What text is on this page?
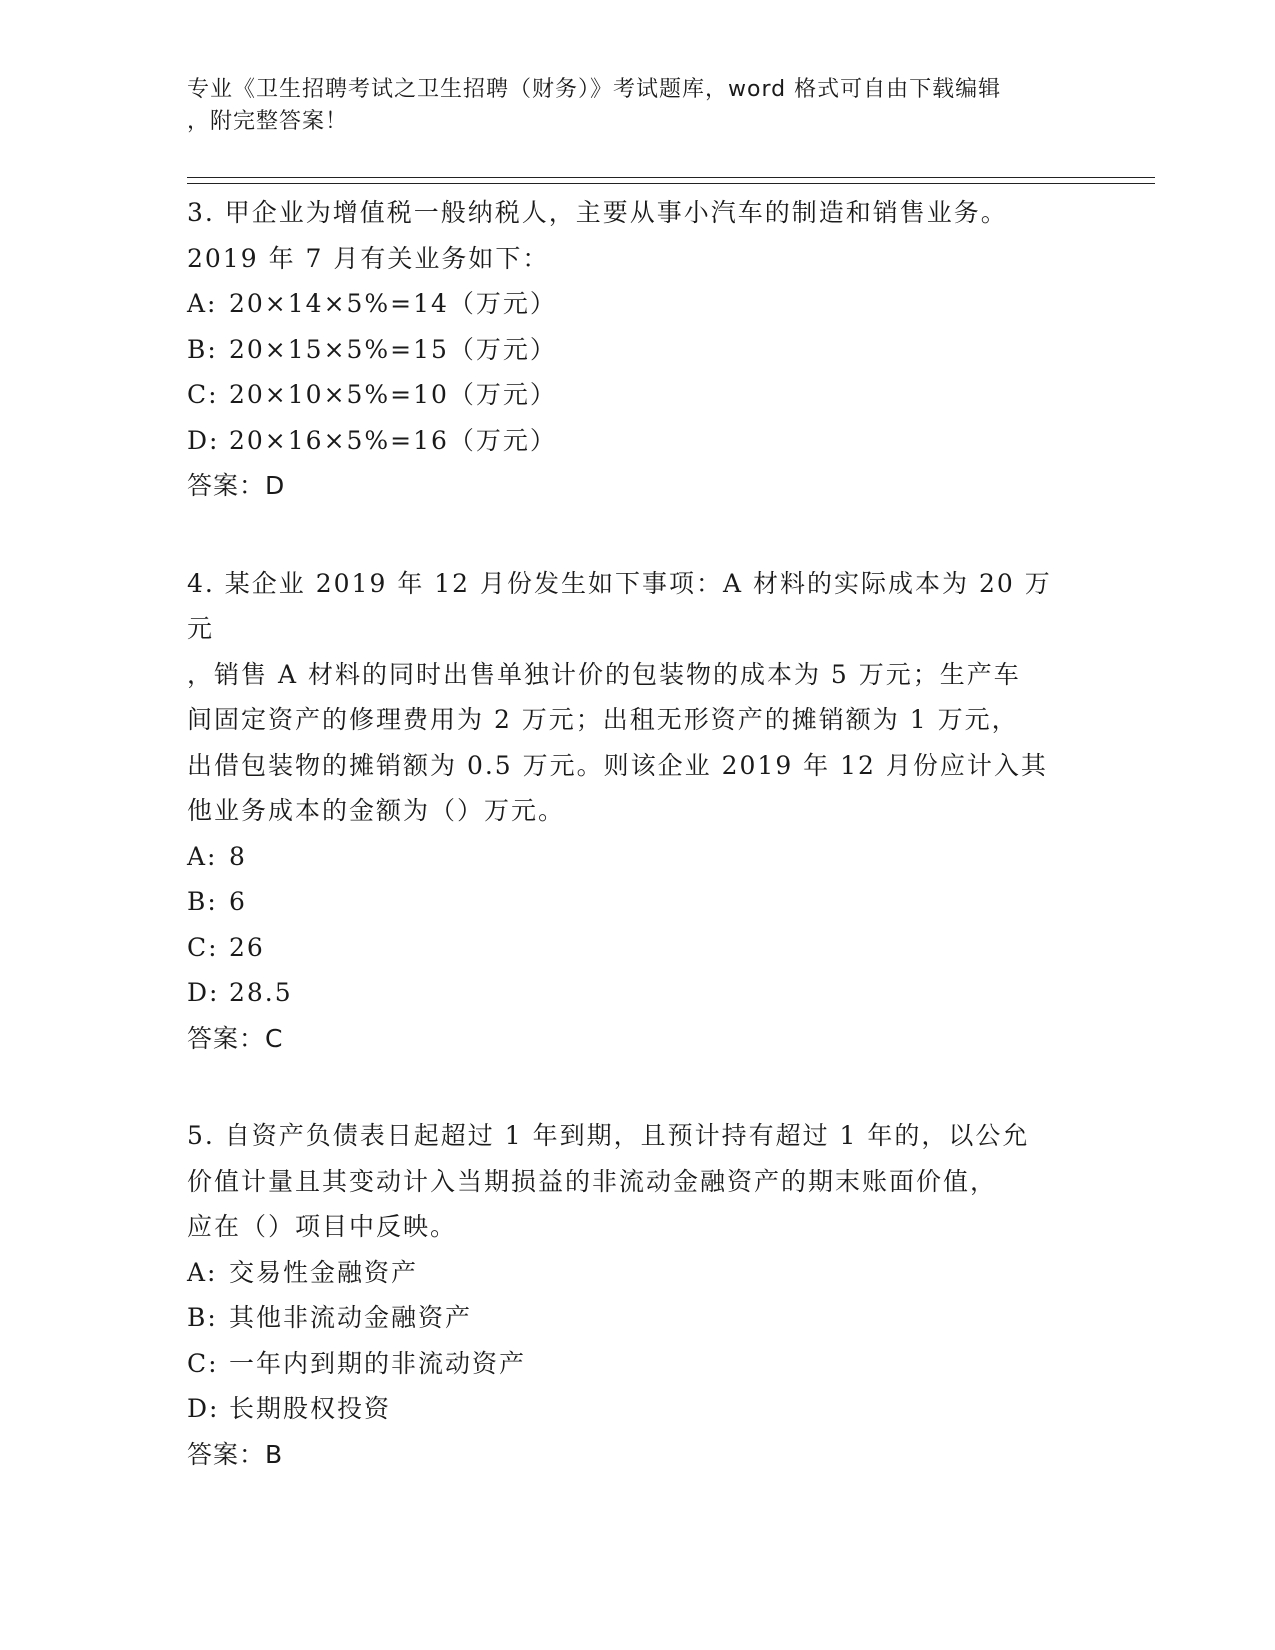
专业《卫生招聘考试之卫生招聘（财务）》考试题库，word 格式可自由下载编辑
，附完整答案！
3. 甲企业为增值税一般纳税人，主要从事小汽车的制造和销售业务。
2019 年 7 月有关业务如下：
A: 20×14×5%=14（万元）
B: 20×15×5%=15（万元）
C: 20×10×5%=10（万元）
D: 20×16×5%=16（万元）
答案：D
4. 某企业 2019 年 12 月份发生如下事项：A 材料的实际成本为 20 万元
，销售 A 材料的同时出售单独计价的包装物的成本为 5 万元；生产车
间固定资产的修理费用为 2 万元；出租无形资产的摊销额为 1 万元，
出借包装物的摊销额为 0.5 万元。则该企业 2019 年 12 月份应计入其
他业务成本的金额为（）万元。
A: 8
B: 6
C: 26
D: 28.5
答案：C
5. 自资产负债表日起超过 1 年到期，且预计持有超过 1 年的，以公允
价值计量且其变动计入当期损益的非流动金融资产的期末账面价值，
应在（）项目中反映。
A: 交易性金融资产
B: 其他非流动金融资产
C: 一年内到期的非流动资产
D: 长期股权投资
答案：B
